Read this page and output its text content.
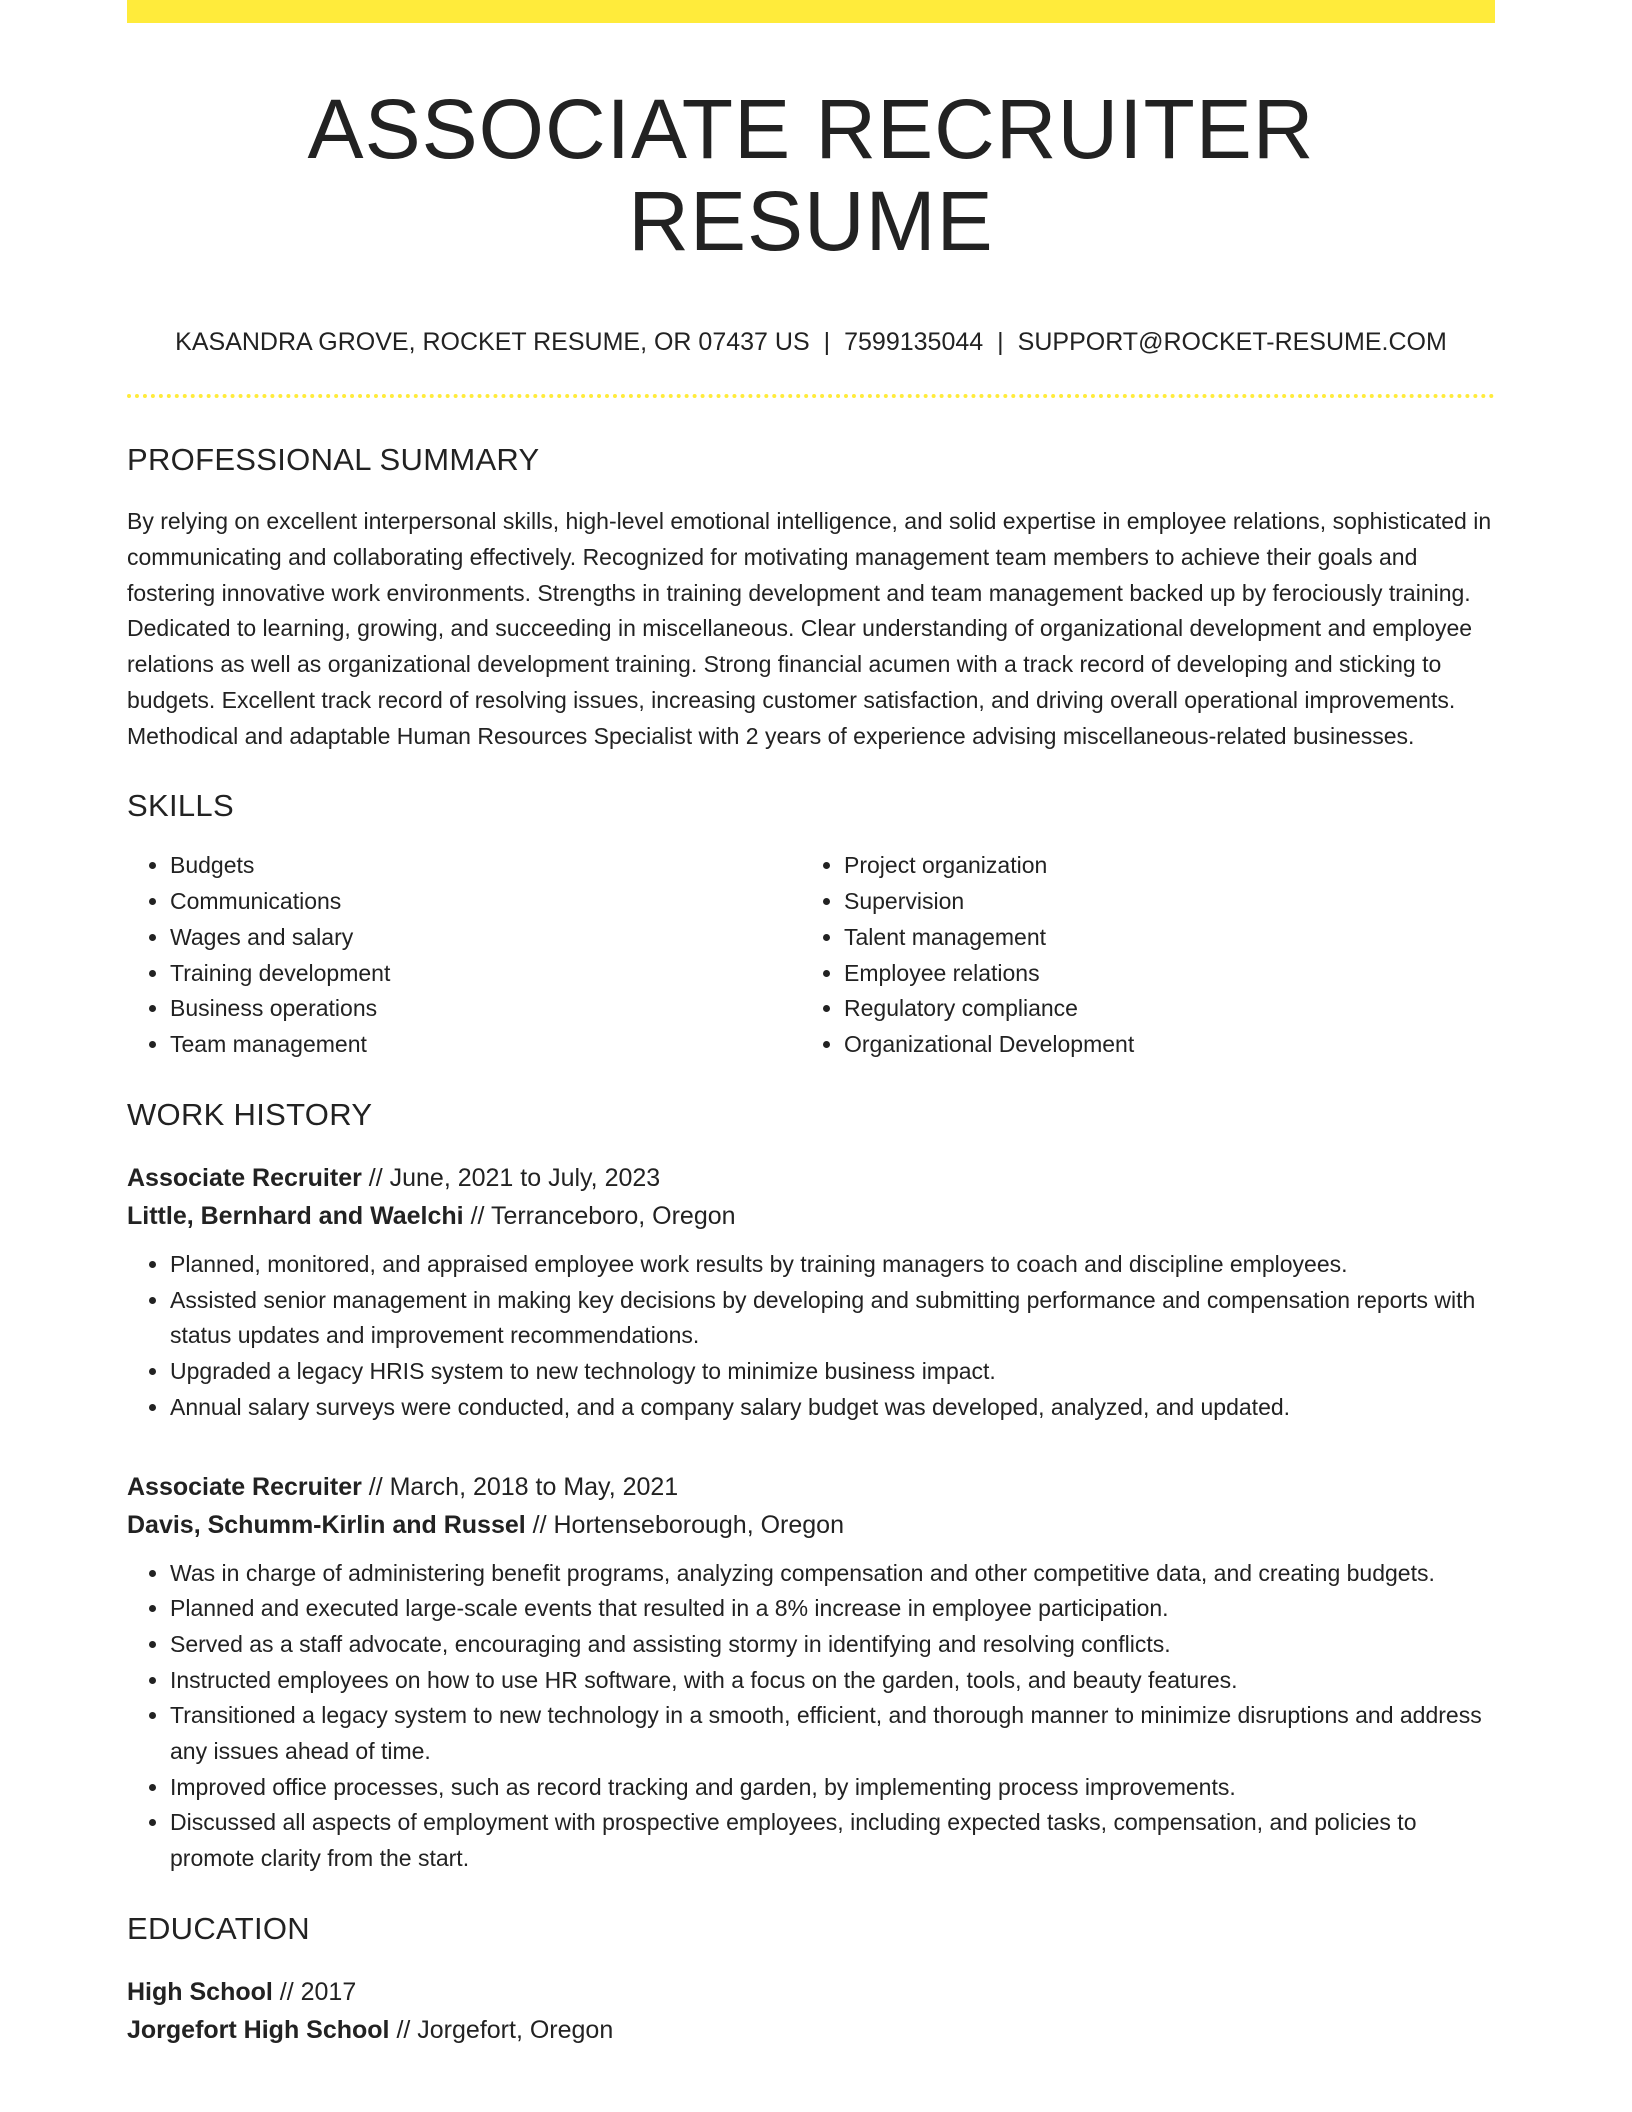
ASSOCIATE RECRUITER RESUME
KASANDRA GROVE, ROCKET RESUME, OR 07437 US | 7599135044 | SUPPORT@ROCKET-RESUME.COM
PROFESSIONAL SUMMARY
By relying on excellent interpersonal skills, high-level emotional intelligence, and solid expertise in employee relations, sophisticated in communicating and collaborating effectively. Recognized for motivating management team members to achieve their goals and fostering innovative work environments. Strengths in training development and team management backed up by ferociously training. Dedicated to learning, growing, and succeeding in miscellaneous. Clear understanding of organizational development and employee relations as well as organizational development training. Strong financial acumen with a track record of developing and sticking to budgets. Excellent track record of resolving issues, increasing customer satisfaction, and driving overall operational improvements. Methodical and adaptable Human Resources Specialist with 2 years of experience advising miscellaneous-related businesses.
SKILLS
• Budgets
• Communications
• Wages and salary
• Training development
• Business operations
• Team management
• Project organization
• Supervision
• Talent management
• Employee relations
• Regulatory compliance
• Organizational Development
WORK HISTORY
Associate Recruiter // June, 2021 to July, 2023
Little, Bernhard and Waelchi // Terranceboro, Oregon
• Planned, monitored, and appraised employee work results by training managers to coach and discipline employees.
• Assisted senior management in making key decisions by developing and submitting performance and compensation reports with status updates and improvement recommendations.
• Upgraded a legacy HRIS system to new technology to minimize business impact.
• Annual salary surveys were conducted, and a company salary budget was developed, analyzed, and updated.
Associate Recruiter // March, 2018 to May, 2021
Davis, Schumm-Kirlin and Russel // Hortenseborough, Oregon
• Was in charge of administering benefit programs, analyzing compensation and other competitive data, and creating budgets.
• Planned and executed large-scale events that resulted in a 8% increase in employee participation.
• Served as a staff advocate, encouraging and assisting stormy in identifying and resolving conflicts.
• Instructed employees on how to use HR software, with a focus on the garden, tools, and beauty features.
• Transitioned a legacy system to new technology in a smooth, efficient, and thorough manner to minimize disruptions and address any issues ahead of time.
• Improved office processes, such as record tracking and garden, by implementing process improvements.
• Discussed all aspects of employment with prospective employees, including expected tasks, compensation, and policies to promote clarity from the start.
EDUCATION
High School // 2017
Jorgefort High School // Jorgefort, Oregon
